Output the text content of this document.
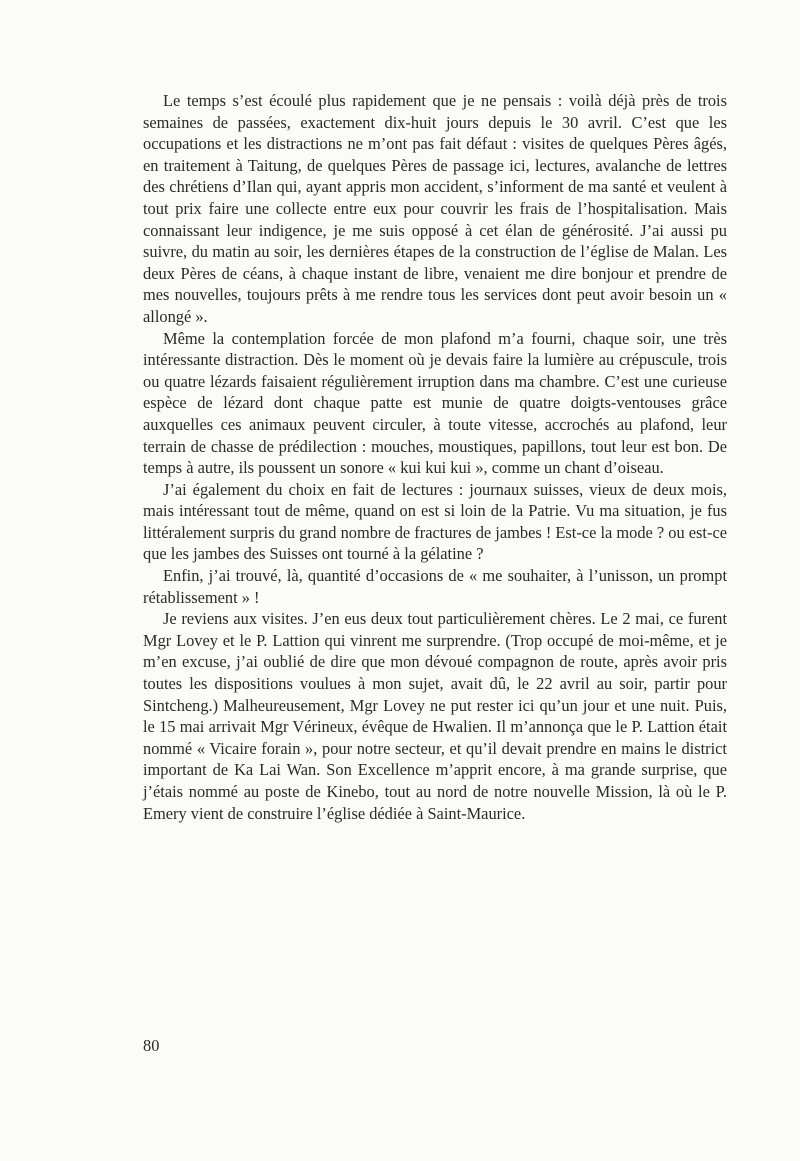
Le temps s’est écoulé plus rapidement que je ne pensais : voilà déjà près de trois semaines de passées, exactement dix-huit jours depuis le 30 avril. C’est que les occupations et les distractions ne m’ont pas fait défaut : visites de quelques Pères âgés, en traitement à Taitung, de quelques Pères de passage ici, lectures, avalanche de lettres des chrétiens d’Ilan qui, ayant appris mon accident, s’informent de ma santé et veulent à tout prix faire une collecte entre eux pour couvrir les frais de l’hospitalisation. Mais connaissant leur indigence, je me suis opposé à cet élan de générosité. J’ai aussi pu suivre, du matin au soir, les dernières étapes de la construction de l’église de Malan. Les deux Pères de céans, à chaque instant de libre, venaient me dire bonjour et prendre de mes nouvelles, toujours prêts à me rendre tous les services dont peut avoir besoin un « allongé ».

Même la contemplation forcée de mon plafond m’a fourni, chaque soir, une très intéressante distraction. Dès le moment où je devais faire la lumière au crépuscule, trois ou quatre lézards faisaient régulièrement irruption dans ma chambre. C’est une curieuse espèce de lézard dont chaque patte est munie de quatre doigts-ventouses grâce auxquelles ces animaux peuvent circuler, à toute vitesse, accrochés au plafond, leur terrain de chasse de prédilection : mouches, moustiques, papillons, tout leur est bon. De temps à autre, ils poussent un sonore « kui kui kui », comme un chant d’oiseau.

J’ai également du choix en fait de lectures : journaux suisses, vieux de deux mois, mais intéressant tout de même, quand on est si loin de la Patrie. Vu ma situation, je fus littéralement surpris du grand nombre de fractures de jambes ! Est-ce la mode ? ou est-ce que les jambes des Suisses ont tourné à la gélatine ?

Enfin, j’ai trouvé, là, quantité d’occasions de « me souhaiter, à l’unisson, un prompt rétablissement » !

Je reviens aux visites. J’en eus deux tout particulièrement chères. Le 2 mai, ce furent Mgr Lovey et le P. Lattion qui vinrent me surprendre. (Trop occupé de moi-même, et je m’en excuse, j’ai oublié de dire que mon dévoué compagnon de route, après avoir pris toutes les dispositions voulues à mon sujet, avait dû, le 22 avril au soir, partir pour Sintcheng.) Malheureusement, Mgr Lovey ne put rester ici qu’un jour et une nuit. Puis, le 15 mai arrivait Mgr Vérineux, évêque de Hwalien. Il m’annonça que le P. Lattion était nommé « Vicaire forain », pour notre secteur, et qu’il devait prendre en mains le district important de Ka Lai Wan. Son Excellence m’apprit encore, à ma grande surprise, que j’étais nommé au poste de Kinebo, tout au nord de notre nouvelle Mission, là où le P. Emery vient de construire l’église dédiée à Saint-Maurice.

80
